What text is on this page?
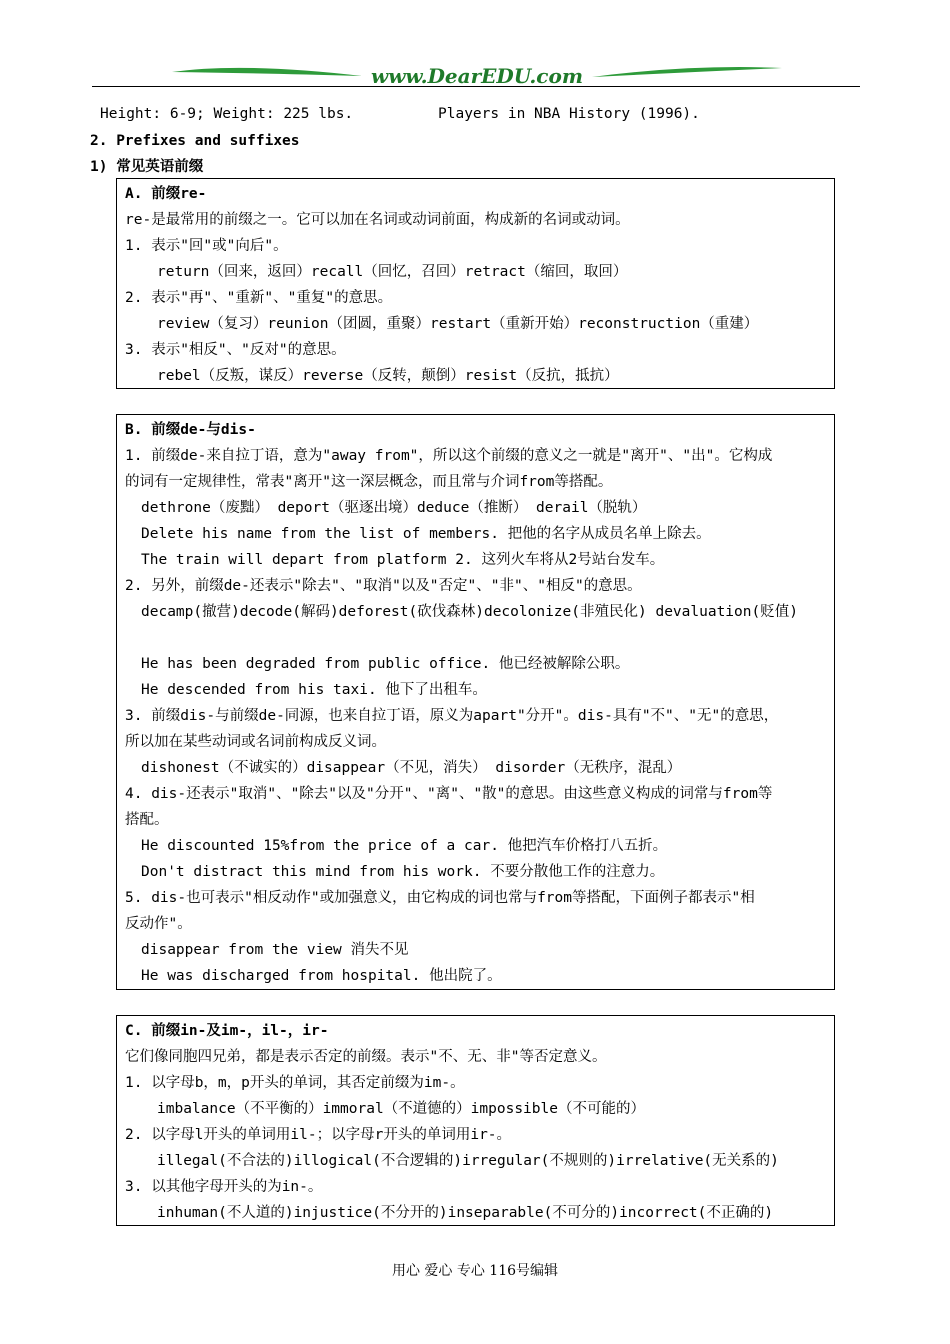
www.DearEDU.com
Height: 6-9; Weight: 225 lbs.	Players in NBA History (1996).
2. Prefixes and suffixes
1) 常见英语前缀
A. 前缀re-
re-是最常用的前缀之一。它可以加在名词或动词前面，构成新的名词或动词。
1. 表示"回"或"向后"。
return（回来，返回）recall（回忆，召回）retract（缩回，取回）
2. 表示"再"、"重新"、"重复"的意思。
review（复习）reunion（团圆，重聚）restart（重新开始）reconstruction（重建）
3. 表示"相反"、"反对"的意思。
rebel（反叛，谋反）reverse（反转，颠倒）resist（反抗，抵抗）
B. 前缀de-与dis-
1. 前缀de-来自拉丁语，意为"away from"，所以这个前缀的意义之一就是"离开"、"出"。它构成
的词有一定规律性，常表"离开"这一深层概念，而且常与介词from等搭配。
dethrone（废黜） deport（驱逐出境）deduce（推断） derail（脱轨）
Delete his name from the list of members. 把他的名字从成员名单上除去。
The train will depart from platform 2. 这列火车将从2号站台发车。
2. 另外，前缀de-还表示"除去"、"取消"以及"否定"、"非"、"相反"的意思。
decamp(撤营)decode(解码)deforest(砍伐森林)decolonize(非殖民化) devaluation(贬值)
He has been degraded from public office. 他已经被解除公职。
He descended from his taxi. 他下了出租车。
3. 前缀dis-与前缀de-同源，也来自拉丁语，原义为apart"分开"。dis-具有"不"、"无"的意思，
所以加在某些动词或名词前构成反义词。
dishonest（不诚实的）disappear（不见，消失） disorder（无秩序，混乱）
4. dis-还表示"取消"、"除去"以及"分开"、"离"、"散"的意思。由这些意义构成的词常与from等
搭配。
He discounted 15%from the price of a car. 他把汽车价格打八五折。
Don't distract this mind from his work. 不要分散他工作的注意力。
5. dis-也可表示"相反动作"或加强意义，由它构成的词也常与from等搭配，下面例子都表示"相
反动作"。
disappear from the view 消失不见
He was discharged from hospital. 他出院了。
C. 前缀in-及im-，il-，ir-
它们像同胞四兄弟，都是表示否定的前缀。表示"不、无、非"等否定意义。
1. 以字母b，m，p开头的单词，其否定前缀为im-。
imbalance（不平衡的）immoral（不道德的）impossible（不可能的）
2. 以字母l开头的单词用il-；以字母r开头的单词用ir-。
illegal(不合法的)illogical(不合逻辑的)irregular(不规则的)irrelative(无关系的)
3. 以其他字母开头的为in-。
inhuman(不人道的)injustice(不分开的)inseparable(不可分的)incorrect(不正确的)
用心 爱心 专心 116号编辑
